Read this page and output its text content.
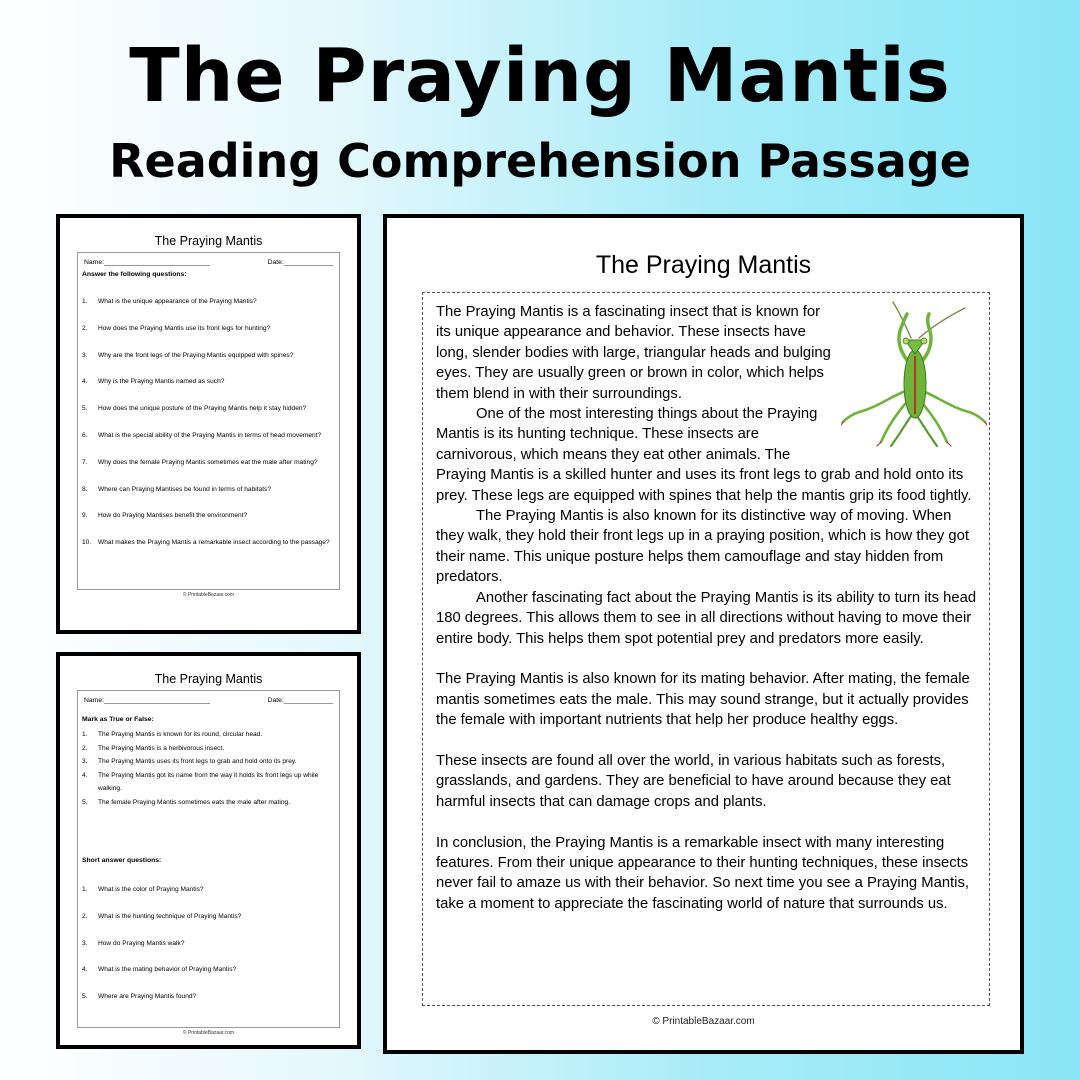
The Praying Mantis
Reading Comprehension Passage
The Praying Mantis
Name:____________________________	Date:_____________
Answer the following questions:
1. What is the unique appearance of the Praying Mantis?
2. How does the Praying Mantis use its front legs for hunting?
3. Why are the front legs of the Praying Mantis equipped with spines?
4. Why is the Praying Mantis named as such?
5. How does the unique posture of the Praying Mantis help it stay hidden?
6. What is the special ability of the Praying Mantis in terms of head movement?
7. Why does the female Praying Mantis sometimes eat the male after mating?
8. Where can Praying Mantises be found in terms of habitats?
9. How do Praying Mantises benefit the environment?
10. What makes the Praying Mantis a remarkable insect according to the passage?
© PrintableBazaar.com
The Praying Mantis
Name:____________________________	Date:_____________
Mark as True or False:
1. The Praying Mantis is known for its round, circular head.
2. The Praying Mantis is a herbivorous insect.
3. The Praying Mantis uses its front legs to grab and hold onto its prey.
4. The Praying Mantis got its name from the way it holds its front legs up while walking.
5. The female Praying Mantis sometimes eats the male after mating.
Short answer questions:
1. What is the color of Praying Mantis?
2. What is the hunting technique of Praying Mantis?
3. How do Praying Mantis walk?
4. What is the mating behavior of Praying Mantis?
5. Where are Praying Mantis found?
© PrintableBazaar.com
The Praying Mantis

The Praying Mantis is a fascinating insect that is known for its unique appearance and behavior. These insects have long, slender bodies with large, triangular heads and bulging eyes. They are usually green or brown in color, which helps them blend in with their surroundings.

One of the most interesting things about the Praying Mantis is its hunting technique. These insects are carnivorous, which means they eat other animals. The Praying Mantis is a skilled hunter and uses its front legs to grab and hold onto its prey. These legs are equipped with spines that help the mantis grip its food tightly.

The Praying Mantis is also known for its distinctive way of moving. When they walk, they hold their front legs up in a praying position, which is how they got their name. This unique posture helps them camouflage and stay hidden from predators.

Another fascinating fact about the Praying Mantis is its ability to turn its head 180 degrees. This allows them to see in all directions without having to move their entire body. This helps them spot potential prey and predators more easily.

The Praying Mantis is also known for its mating behavior. After mating, the female mantis sometimes eats the male. This may sound strange, but it actually provides the female with important nutrients that help her produce healthy eggs.

These insects are found all over the world, in various habitats such as forests, grasslands, and gardens. They are beneficial to have around because they eat harmful insects that can damage crops and plants.

In conclusion, the Praying Mantis is a remarkable insect with many interesting features. From their unique appearance to their hunting techniques, these insects never fail to amaze us with their behavior. So next time you see a Praying Mantis, take a moment to appreciate the fascinating world of nature that surrounds us.

© PrintableBazaar.com
